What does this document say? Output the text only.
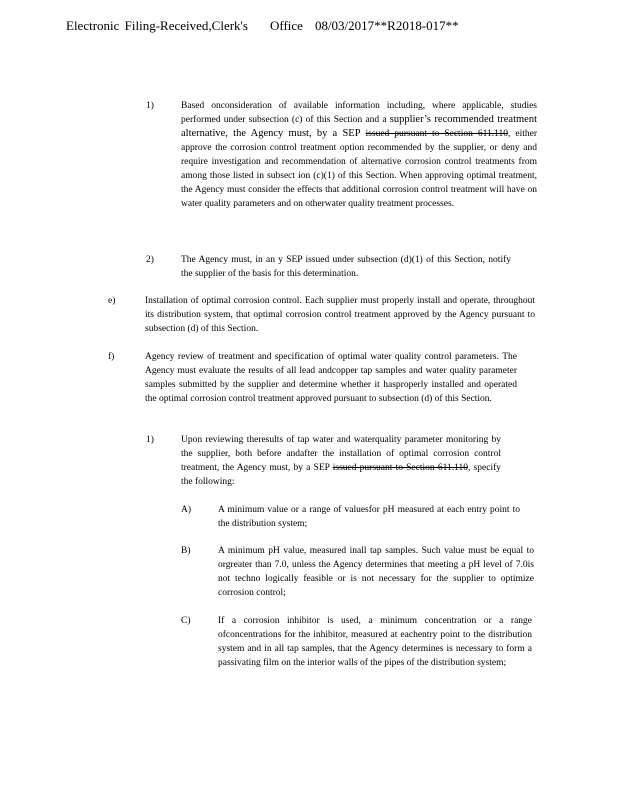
Electronic Filing-Received,Clerk's Office 08/03/2017**R2018-017**
1)	Based onconsideration of available information including, where applicable, studies performed under subsection (c) of this Section and a supplier’s recommended treatment alternative, the Agency must, by a SEP issued pursuant to Section 611.110, either approve the corrosion control treatment option recommended by the supplier, or deny and require investigation and recommendation of alternative corrosion control treatments from among those listed in subsect ion (c)(1) of this Section. When approving optimal treatment, the Agency must consider the effects that additional corrosion control treatment will have on water quality parameters and on otherwater quality treatment processes.
2)	The Agency must, in an y SEP issued under subsection (d)(1) of this Section, notify the supplier of the basis for this determination.
e)	Installation of optimal corrosion control. Each supplier must properly install and operate, throughout its distribution system, that optimal corrosion control treatment approved by the Agency pursuant to subsection (d) of this Section.
f)	Agency review of treatment and specification of optimal water quality control parameters. The Agency must evaluate the results of all lead andcopper tap samples and water quality parameter samples submitted by the supplier and determine whether it hasproperly installed and operated the optimal corrosion control treatment approved pursuant to subsection (d) of this Section.
1)	Upon reviewing theresults of tap water and waterquality parameter monitoring by the supplier, both before andafter the installation of optimal corrosion control treatment, the Agency must, by a SEP issued pursuant to Section 611.110, specify the following:
A)	A minimum value or a range of valuesfor pH measured at each entry point to the distribution system;
B)	A minimum pH value, measured inall tap samples. Such value must be equal to orgreater than 7.0, unless the Agency determines that meeting a pH level of 7.0is not techno logically feasible or is not necessary for the supplier to optimize corrosion control;
C)	If a corrosion inhibitor is used, a minimum concentration or a range ofconcentrations for the inhibitor, measured at eachentry point to the distribution system and in all tap samples, that the Agency determines is necessary to form a passivating film on the interior walls of the pipes of the distribution system;
